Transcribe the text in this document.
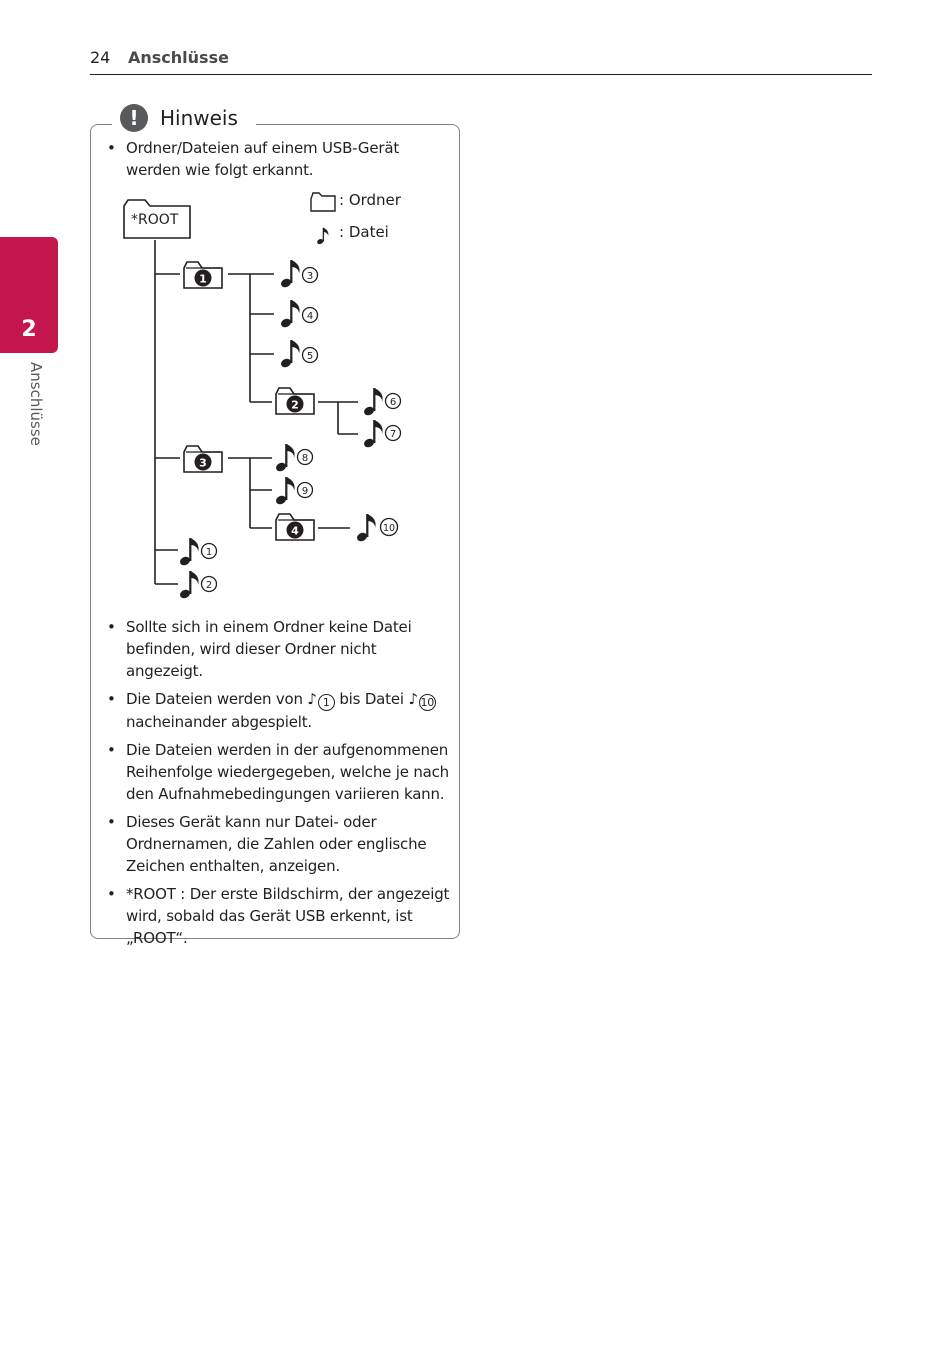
24 Anschlüsse
2
Anschlüsse
!	Hinweis
• Ordner/Dateien auf einem USB-Gerät werden wie folgt erkannt.
: Ordner
: Datei
*ROOT
1
2
3
4
3
4
5
6
7
8
9
10
1
2
• Sollte sich in einem Ordner keine Datei befinden, wird dieser Ordner nicht angezeigt.
• Die Dateien werden von ♪ 1 bis Datei ♪ 10 nacheinander abgespielt.
• Die Dateien werden in der aufgenommenen Reihenfolge wiedergegeben, welche je nach den Aufnahmebedingungen variieren kann.
• Dieses Gerät kann nur Datei- oder Ordnernamen, die Zahlen oder englische Zeichen enthalten, anzeigen.
• *ROOT : Der erste Bildschirm, der angezeigt wird, sobald das Gerät USB erkennt, ist „ROOT“.
